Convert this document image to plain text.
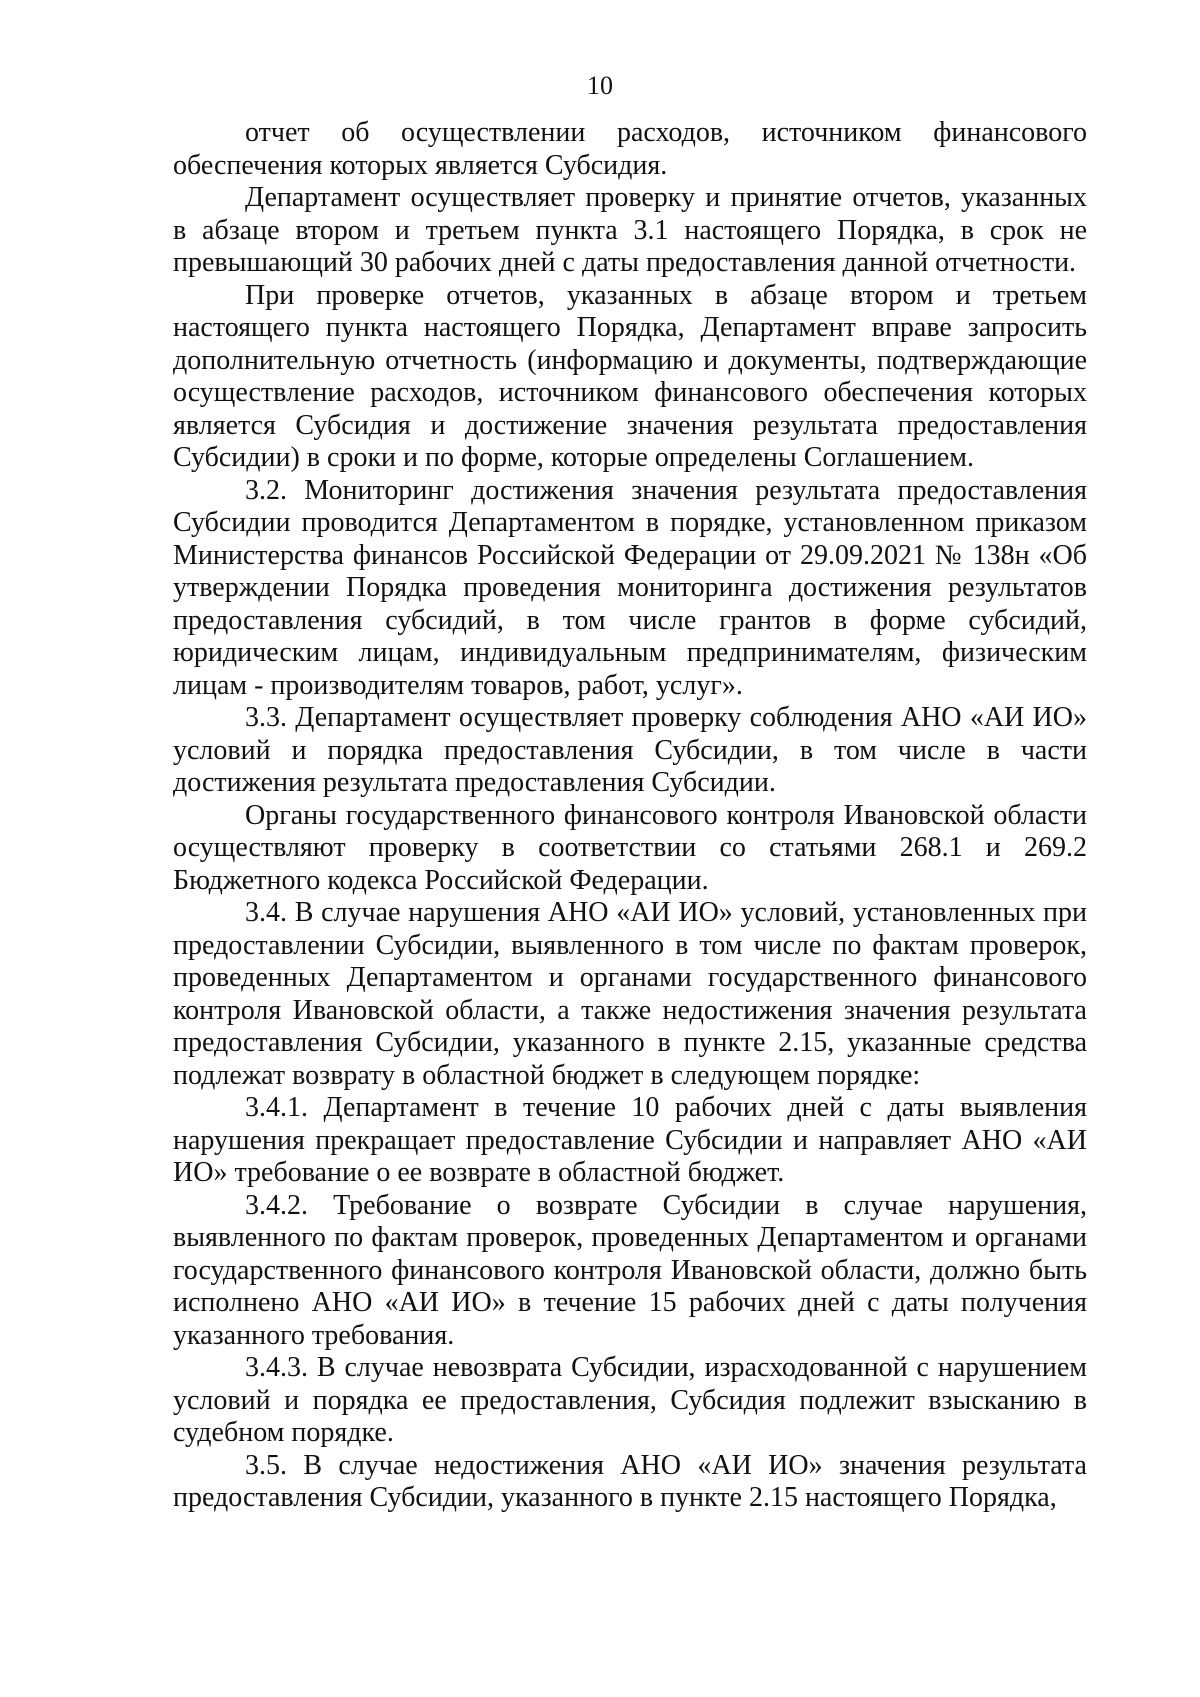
10

отчет об осуществлении расходов, источником финансового обеспечения которых является Субсидия.

Департамент осуществляет проверку и принятие отчетов, указанных в абзаце втором и третьем пункта 3.1 настоящего Порядка, в срок не превышающий 30 рабочих дней с даты предоставления данной отчетности.

При проверке отчетов, указанных в абзаце втором и третьем настоящего пункта настоящего Порядка, Департамент вправе запросить дополнительную отчетность (информацию и документы, подтверждающие осуществление расходов, источником финансового обеспечения которых является Субсидия и достижение значения результата предоставления Субсидии) в сроки и по форме, которые определены Соглашением.

3.2. Мониторинг достижения значения результата предоставления Субсидии проводится Департаментом в порядке, установленном приказом Министерства финансов Российской Федерации от 29.09.2021 № 138н «Об утверждении Порядка проведения мониторинга достижения результатов предоставления субсидий, в том числе грантов в форме субсидий, юридическим лицам, индивидуальным предпринимателям, физическим лицам - производителям товаров, работ, услуг».

3.3. Департамент осуществляет проверку соблюдения АНО «АИ ИО» условий и порядка предоставления Субсидии, в том числе в части достижения результата предоставления Субсидии.

Органы государственного финансового контроля Ивановской области осуществляют проверку в соответствии со статьями 268.1 и 269.2 Бюджетного кодекса Российской Федерации.

3.4. В случае нарушения АНО «АИ ИО» условий, установленных при предоставлении Субсидии, выявленного в том числе по фактам проверок, проведенных Департаментом и органами государственного финансового контроля Ивановской области, а также недостижения значения результата предоставления Субсидии, указанного в пункте 2.15, указанные средства подлежат возврату в областной бюджет в следующем порядке:

3.4.1. Департамент в течение 10 рабочих дней с даты выявления нарушения прекращает предоставление Субсидии и направляет АНО «АИ ИО» требование о ее возврате в областной бюджет.

3.4.2. Требование о возврате Субсидии в случае нарушения, выявленного по фактам проверок, проведенных Департаментом и органами государственного финансового контроля Ивановской области, должно быть исполнено АНО «АИ ИО» в течение 15 рабочих дней с даты получения указанного требования.

3.4.3. В случае невозврата Субсидии, израсходованной с нарушением условий и порядка ее предоставления, Субсидия подлежит взысканию в судебном порядке.

3.5. В случае недостижения АНО «АИ ИО» значения результата предоставления Субсидии, указанного в пункте 2.15 настоящего Порядка,
